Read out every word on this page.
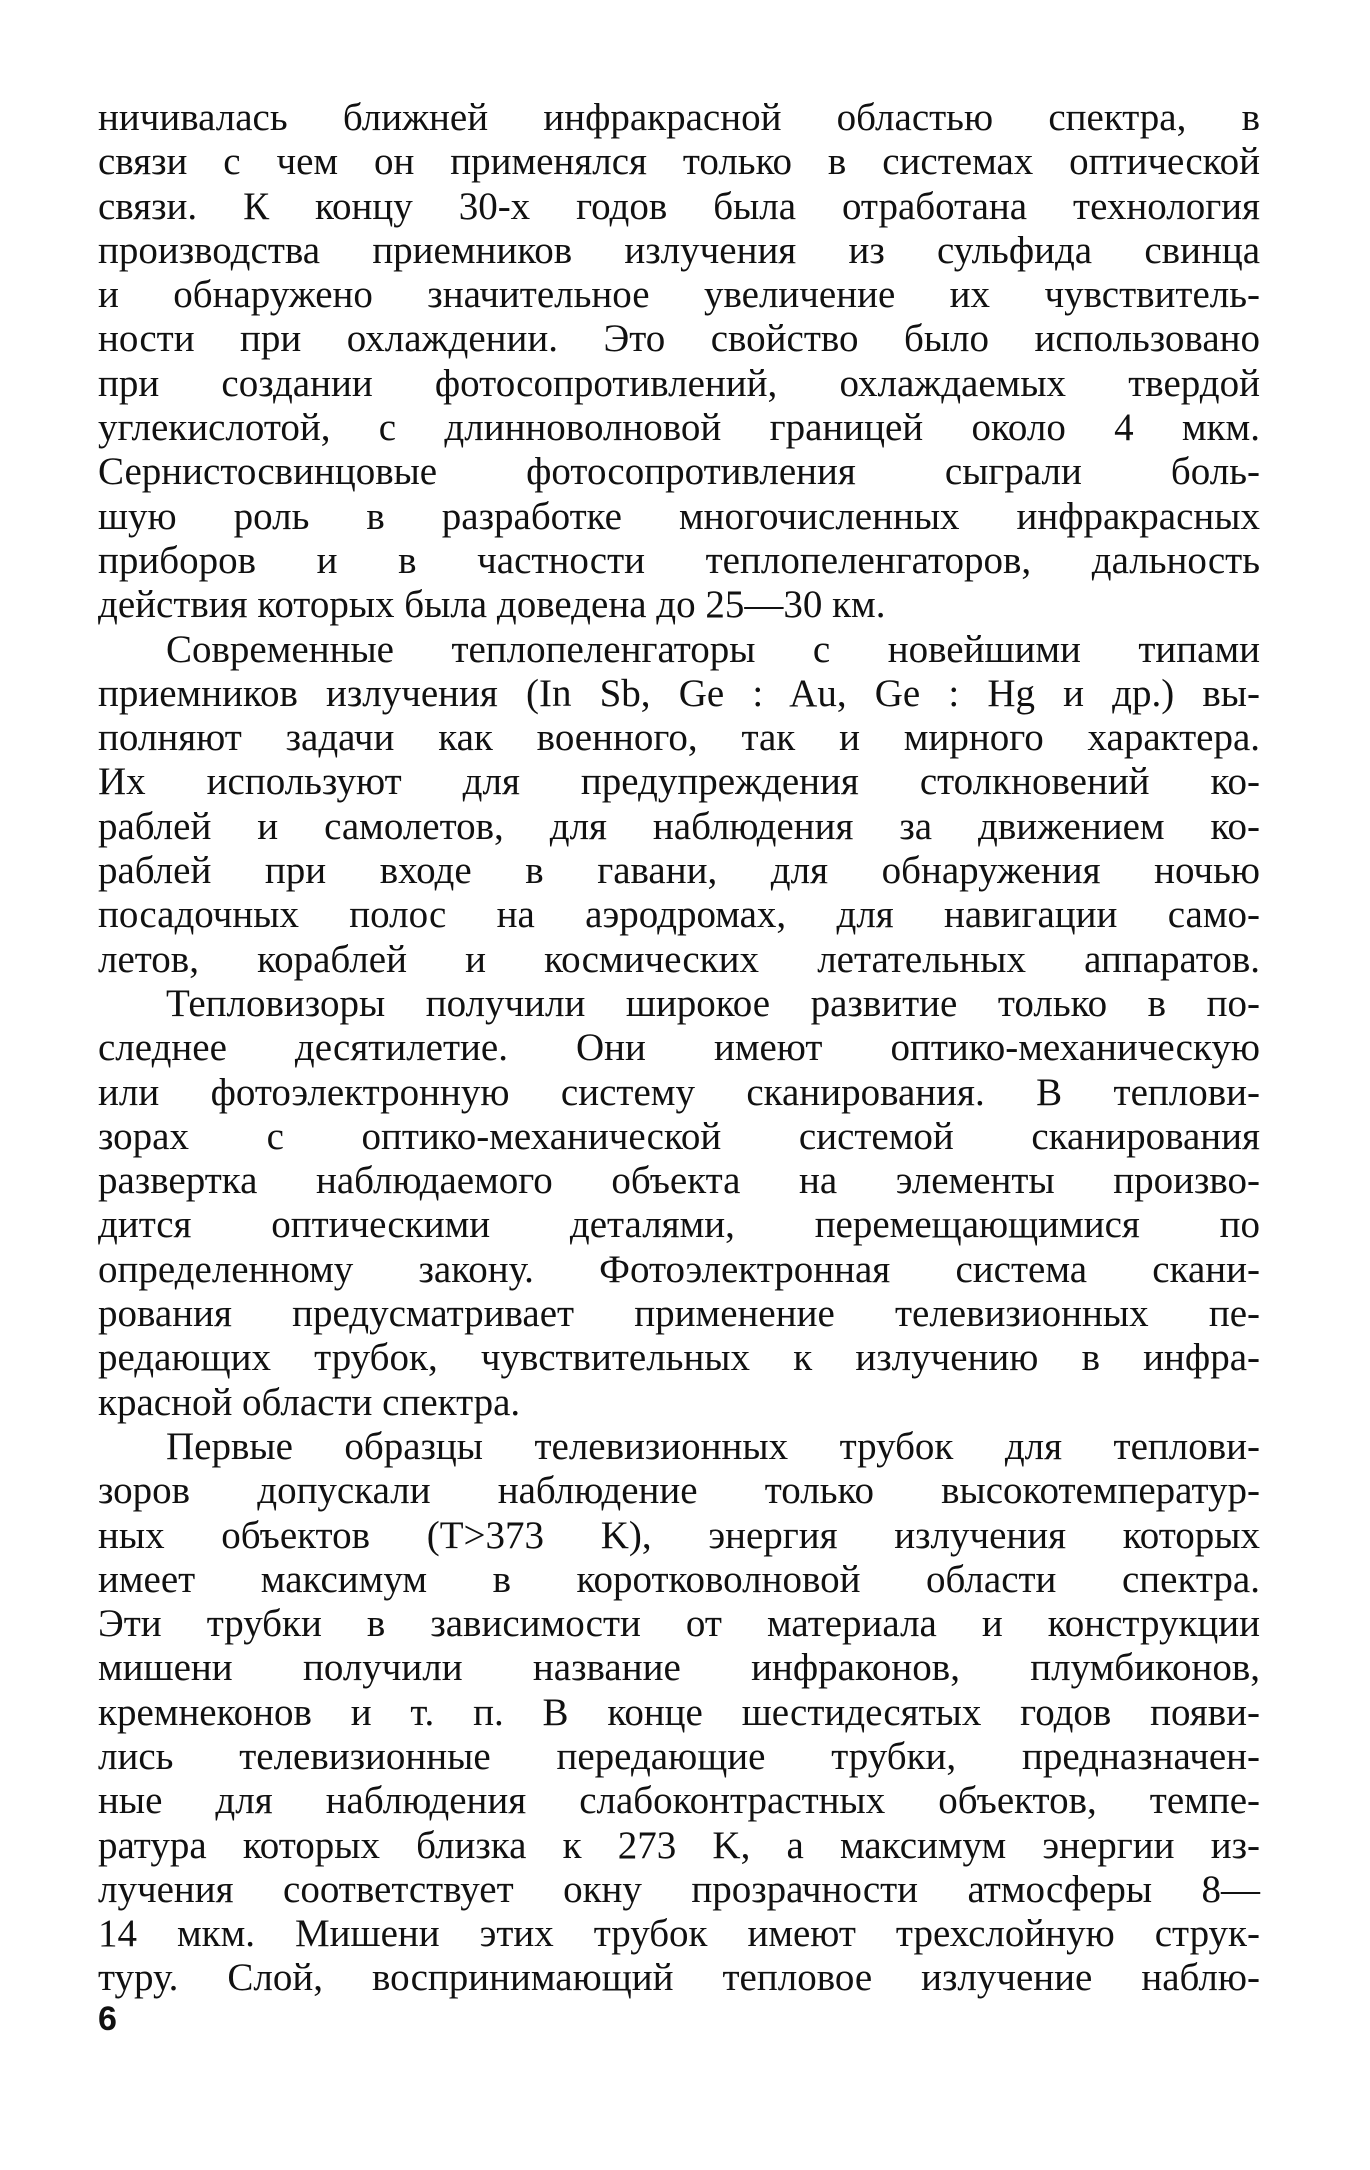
ничивалась ближней инфракрасной областью спектра, в
связи с чем он применялся только в системах оптической
связи. К концу 30-х годов была отработана технология
производства приемников излучения из сульфида свинца
и обнаружено значительное увеличение их чувствитель-
ности при охлаждении. Это свойство было использовано
при создании фотосопротивлений, охлаждаемых твердой
углекислотой, с длинноволновой границей около 4 мкм.
Сернистосвинцовые фотосопротивления сыграли боль-
шую роль в разработке многочисленных инфракрасных
приборов и в частности теплопеленгаторов, дальность
действия которых была доведена до 25—30 км.
Современные теплопеленгаторы с новейшими типами
приемников излучения (In Sb, Ge : Au, Ge : Hg и др.) вы-
полняют задачи как военного, так и мирного характера.
Их используют для предупреждения столкновений ко-
раблей и самолетов, для наблюдения за движением ко-
раблей при входе в гавани, для обнаружения ночью
посадочных полос на аэродромах, для навигации само-
летов, кораблей и космических летательных аппаратов.
Тепловизоры получили широкое развитие только в по-
следнее десятилетие. Они имеют оптико-механическую
или фотоэлектронную систему сканирования. В теплови-
зорах с оптико-механической системой сканирования
развертка наблюдаемого объекта на элементы произво-
дится оптическими деталями, перемещающимися по
определенному закону. Фотоэлектронная система скани-
рования предусматривает применение телевизионных пе-
редающих трубок, чувствительных к излучению в инфра-
красной области спектра.
Первые образцы телевизионных трубок для теплови-
зоров допускали наблюдение только высокотемператур-
ных объектов (T>373 K), энергия излучения которых
имеет максимум в коротковолновой области спектра.
Эти трубки в зависимости от материала и конструкции
мишени получили название инфраконов, плумбиконов,
кремнеконов и т. п. В конце шестидесятых годов появи-
лись телевизионные передающие трубки, предназначен-
ные для наблюдения слабоконтрастных объектов, темпе-
ратура которых близка к 273 K, а максимум энергии из-
лучения соответствует окну прозрачности атмосферы 8—
14 мкм. Мишени этих трубок имеют трехслойную струк-
туру. Слой, воспринимающий тепловое излучение наблю-
6
